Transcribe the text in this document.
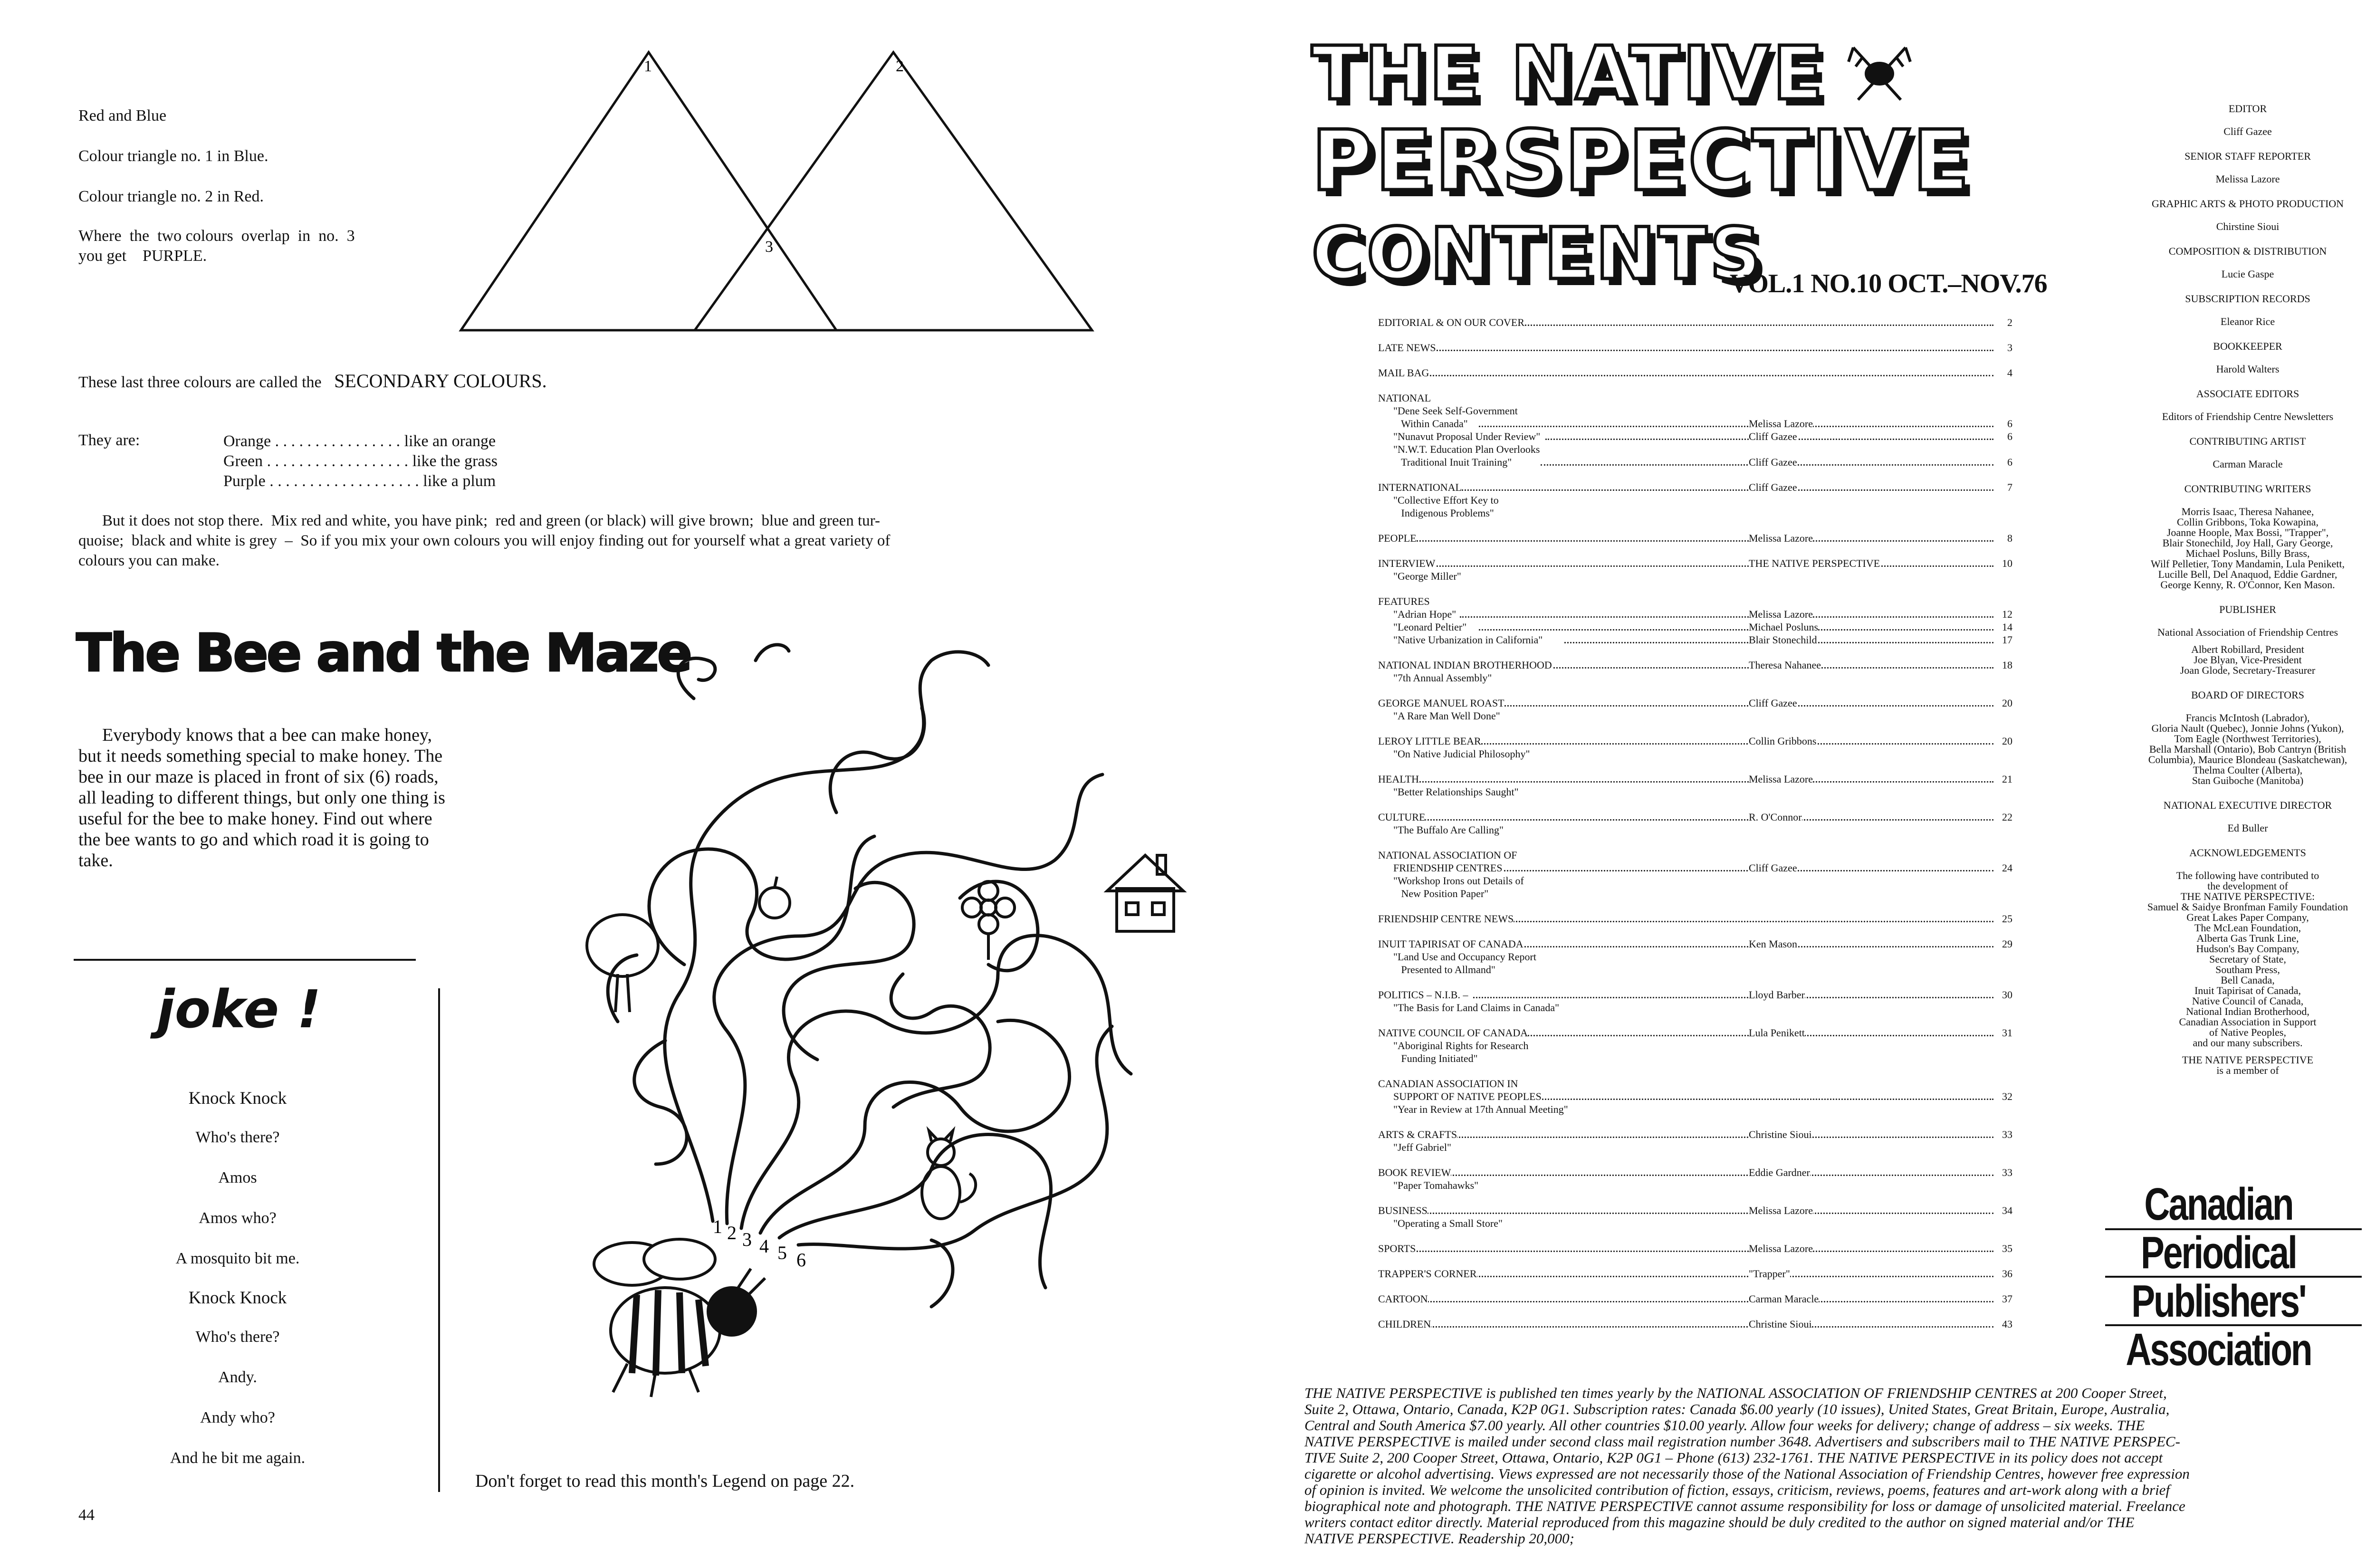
Red and Blue
Colour triangle no. 1 in Blue.
Colour triangle no. 2 in Red.
Where  the  two colours  overlap  in  no.  3
you get    PURPLE.
1	2
3
These last three colours are called the SECONDARY COLOURS.
They are:	Orange . . . . . . . . . . . . . . . . like an orange
Green . . . . . . . . . . . . . . . . . . like the grass
Purple . . . . . . . . . . . . . . . . . . . like a plum
But it does not stop there.  Mix red and white, you have pink;  red and green (or black) will give brown;  blue and green tur-
quoise;  black and white is grey  –  So if you mix your own colours you will enjoy finding out for yourself what a great variety of
colours you can make.
The Bee and the Maze
Everybody knows that a bee can make honey,
but it needs something special to make honey. The
bee in our maze is placed in front of six (6) roads,
all leading to different things, but only one thing is
useful for the bee to make honey. Find out where
the bee wants to go and which road it is going to
take.
joke !
Knock Knock
Who's there?
Amos
Amos who?
A mosquito bit me.
Knock Knock
Who's there?
Andy.
Andy who?
And he bit me again.
44
1 2 3 4 5 6
Don't forget to read this month's Legend on page 22.
THE NATIVE
PERSPECTIVE
CONTENTS
VOL.1 NO.10 OCT.–NOV.76
EDITORIAL & ON OUR COVER	2
LATE NEWS	3
MAIL BAG	4
NATIONAL
"Dene Seek Self-Government
Within Canada"	Melissa Lazore	6
"Nunavut Proposal Under Review"	Cliff Gazee	6
"N.W.T. Education Plan Overlooks
Traditional Inuit Training"	Cliff Gazee	6
INTERNATIONAL	Cliff Gazee	7
"Collective Effort Key to
Indigenous Problems"
PEOPLE	Melissa Lazore	8
INTERVIEW	THE NATIVE PERSPECTIVE	10
"George Miller"
FEATURES
"Adrian Hope"	Melissa Lazore	12
"Leonard Peltier"	Michael Posluns	14
"Native Urbanization in California"	Blair Stonechild	17
NATIONAL INDIAN BROTHERHOOD	Theresa Nahanee	18
"7th Annual Assembly"
GEORGE MANUEL ROAST	Cliff Gazee	20
"A Rare Man Well Done"
LEROY LITTLE BEAR	Collin Gribbons	20
"On Native Judicial Philosophy"
HEALTH	Melissa Lazore	21
"Better Relationships Saught"
CULTURE	R. O'Connor	22
"The Buffalo Are Calling"
NATIONAL ASSOCIATION OF
FRIENDSHIP CENTRES	Cliff Gazee	24
"Workshop Irons out Details of
New Position Paper"
FRIENDSHIP CENTRE NEWS	25
INUIT TAPIRISAT OF CANADA	Ken Mason	29
"Land Use and Occupancy Report
Presented to Allmand"
POLITICS – N.I.B. –	Lloyd Barber	30
"The Basis for Land Claims in Canada"
NATIVE COUNCIL OF CANADA	Lula Penikett	31
"Aboriginal Rights for Research
Funding Initiated"
CANADIAN ASSOCIATION IN
SUPPORT OF NATIVE PEOPLES	32
"Year in Review at 17th Annual Meeting"
ARTS & CRAFTS	Christine Sioui	33
"Jeff Gabriel"
BOOK REVIEW	Eddie Gardner	33
"Paper Tomahawks"
BUSINESS	Melissa Lazore	34
"Operating a Small Store"
SPORTS	Melissa Lazore	35
TRAPPER'S CORNER	"Trapper"	36
CARTOON	Carman Maracle	37
CHILDREN	Christine Sioui	43
EDITOR
Cliff Gazee
SENIOR STAFF REPORTER
Melissa Lazore
GRAPHIC ARTS & PHOTO PRODUCTION
Chirstine Sioui
COMPOSITION & DISTRIBUTION
Lucie Gaspe
SUBSCRIPTION RECORDS
Eleanor Rice
BOOKKEEPER
Harold Walters
ASSOCIATE EDITORS
Editors of Friendship Centre Newsletters
CONTRIBUTING ARTIST
Carman Maracle
CONTRIBUTING WRITERS
Morris Isaac, Theresa Nahanee,
Collin Gribbons, Toka Kowapina,
Joanne Hoople, Max Bossi, "Trapper",
Blair Stonechild, Joy Hall, Gary George,
Michael Posluns, Billy Brass,
Wilf Pelletier, Tony Mandamin, Lula Penikett,
Lucille Bell, Del Anaquod, Eddie Gardner,
George Kenny, R. O'Connor, Ken Mason.
PUBLISHER
National Association of Friendship Centres
Albert Robillard, President
Joe Blyan, Vice-President
Joan Glode, Secretary-Treasurer
BOARD OF DIRECTORS
Francis McIntosh (Labrador),
Gloria Nault (Quebec), Jonnie Johns (Yukon),
Tom Eagle (Northwest Territories),
Bella Marshall (Ontario), Bob Cantryn (British
Columbia), Maurice Blondeau (Saskatchewan),
Thelma Coulter (Alberta),
Stan Guiboche (Manitoba)
NATIONAL EXECUTIVE DIRECTOR
Ed Buller
ACKNOWLEDGEMENTS
The following have contributed to
the development of
THE NATIVE PERSPECTIVE:
Samuel & Saidye Bronfman Family Foundation
Great Lakes Paper Company,
The McLean Foundation,
Alberta Gas Trunk Line,
Hudson's Bay Company,
Secretary of State,
Southam Press,
Bell Canada,
Inuit Tapirisat of Canada,
Native Council of Canada,
National Indian Brotherhood,
Canadian Association in Support
of Native Peoples,
and our many subscribers.
THE NATIVE PERSPECTIVE
is a member of
Canadian
Periodical
Publishers'
Association
THE NATIVE PERSPECTIVE is published ten times yearly by the NATIONAL ASSOCIATION OF FRIENDSHIP CENTRES at 200 Cooper Street,
Suite 2, Ottawa, Ontario, Canada, K2P 0G1. Subscription rates: Canada $6.00 yearly (10 issues), United States, Great Britain, Europe, Australia,
Central and South America $7.00 yearly. All other countries $10.00 yearly. Allow four weeks for delivery; change of address – six weeks. THE
NATIVE PERSPECTIVE is mailed under second class mail registration number 3648. Advertisers and subscribers mail to THE NATIVE PERSPEC-
TIVE Suite 2, 200 Cooper Street, Ottawa, Ontario, K2P 0G1 – Phone (613) 232-1761. THE NATIVE PERSPECTIVE in its policy does not accept
cigarette or alcohol advertising. Views expressed are not necessarily those of the National Association of Friendship Centres, however free expression
of opinion is invited. We welcome the unsolicited contribution of fiction, essays, criticism, reviews, poems, features and art-work along with a brief
biographical note and photograph. THE NATIVE PERSPECTIVE cannot assume responsibility for loss or damage of unsolicited material. Freelance
writers contact editor directly. Material reproduced from this magazine should be duly credited to the author on signed material and/or THE
NATIVE PERSPECTIVE. Readership 20,000;
